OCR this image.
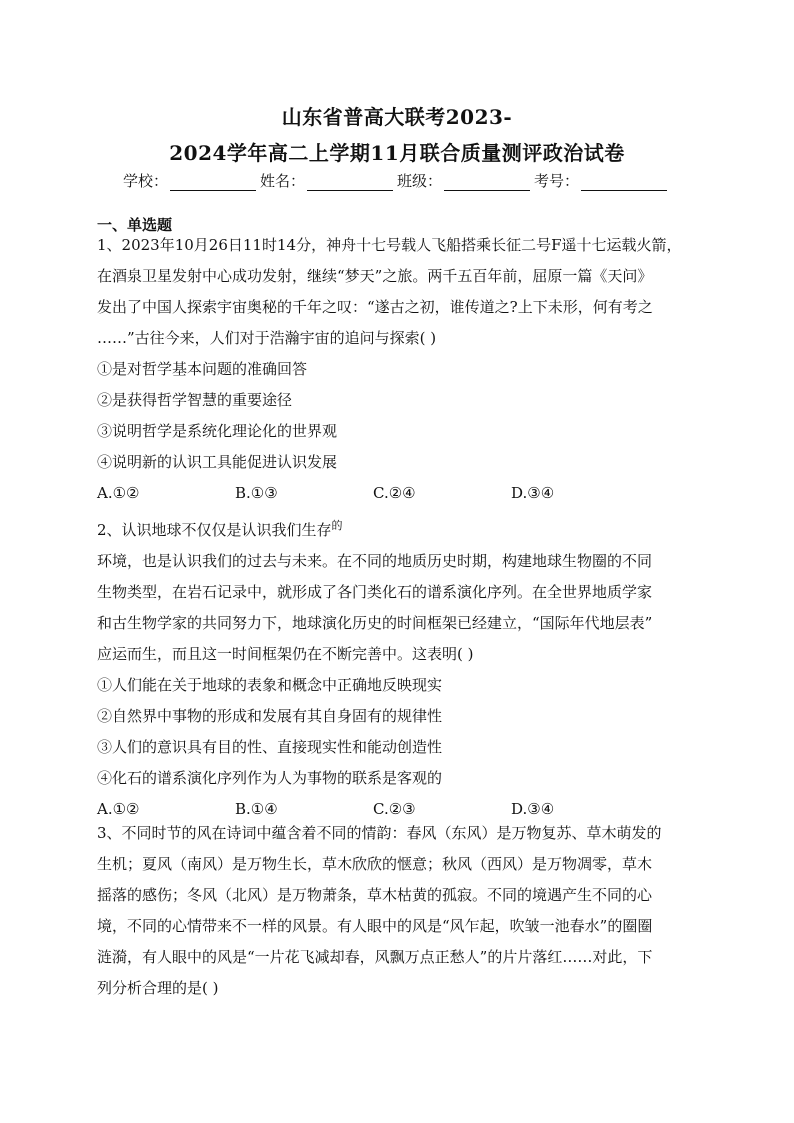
山东省普高大联考2023-
2024学年高二上学期11月联合质量测评政治试卷
学校：	姓名：	班级：	考号：
一、单选题

1、2023年10月26日11时14分，神舟十七号载人飞船搭乘长征二号F遥十七运载火箭，

在酒泉卫星发射中心成功发射，继续“梦天”之旅。两千五百年前，屈原一篇《天问》

发出了中国人探索宇宙奥秘的千年之叹：“遂古之初，谁传道之?上下未形，何有考之

……”古往今来，人们对于浩瀚宇宙的追问与探索( )

①是对哲学基本问题的准确回答

②是获得哲学智慧的重要途径

③说明哲学是系统化理论化的世界观

④说明新的认识工具能促进认识发展

A.①②	B.①③	C.②④	D.③④

2、认识地球不仅仅是认识我们生存$^的$

环境，也是认识我们的过去与未来。在不同的地质历史时期，构建地球生物圈的不同

生物类型，在岩石记录中，就形成了各门类化石的谱系演化序列。在全世界地质学家

和古生物学家的共同努力下，地球演化历史的时间框架已经建立，“国际年代地层表”

应运而生，而且这一时间框架仍在不断完善中。这表明( )

①人们能在关于地球的表象和概念中正确地反映现实

②自然界中事物的形成和发展有其自身固有的规律性

③人们的意识具有目的性、直接现实性和能动创造性

④化石的谱系演化序列作为人为事物的联系是客观的

A.①②	B.①④	C.②③	D.③④

3、不同时节的风在诗词中蕴含着不同的情韵：春风（东风）是万物复苏、草木萌发的

生机；夏风（南风）是万物生长，草木欣欣的惬意；秋风（西风）是万物凋零，草木

摇落的感伤；冬风（北风）是万物萧条，草木枯黄的孤寂。不同的境遇产生不同的心

境，不同的心情带来不一样的风景。有人眼中的风是“风乍起，吹皱一池春水”的圈圈

涟漪，有人眼中的风是“一片花飞减却春，风飘万点正愁人”的片片落红……对此，下

列分析合理的是( )
